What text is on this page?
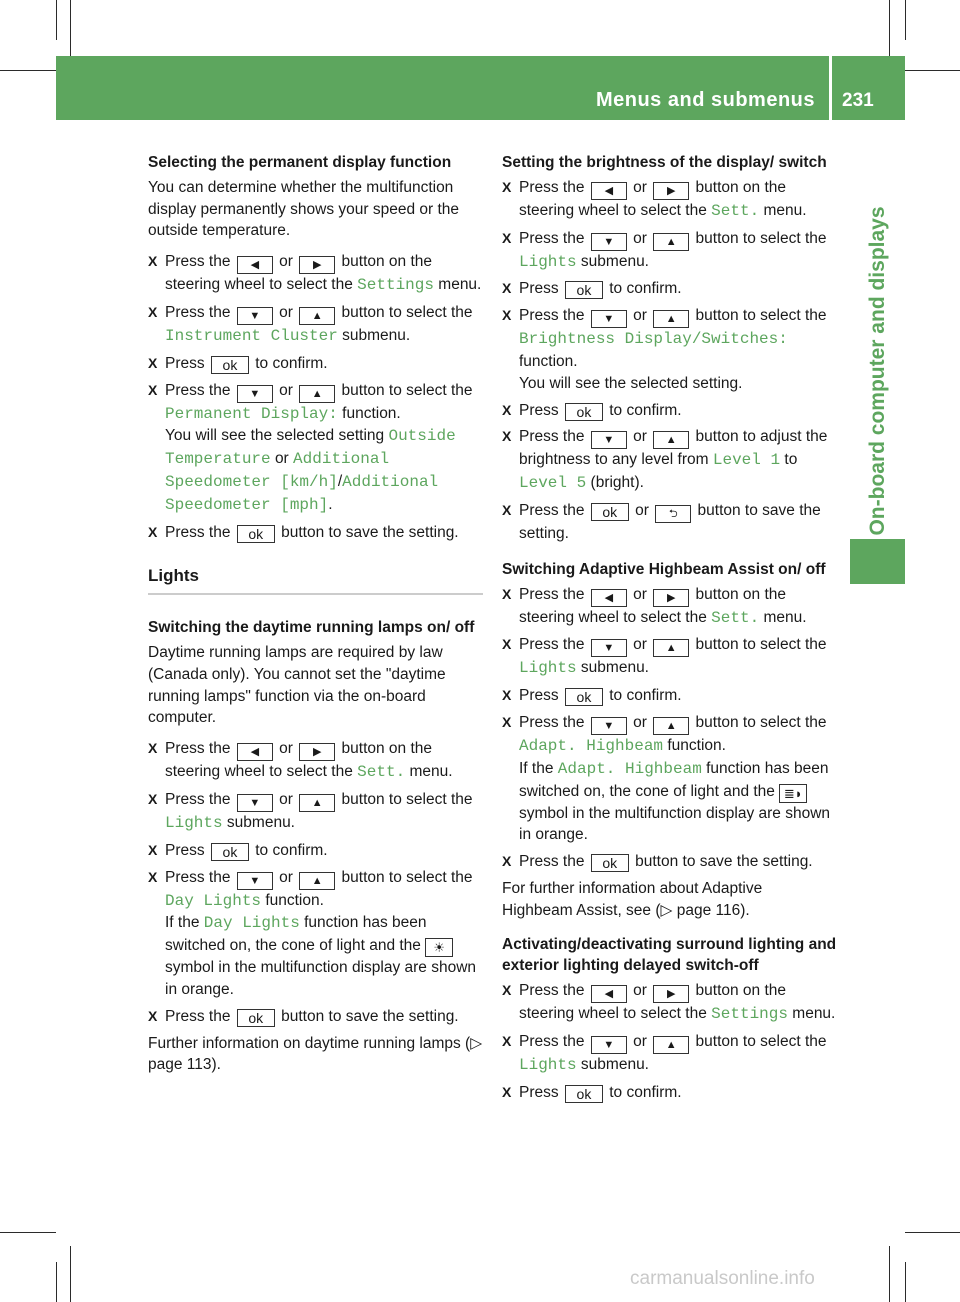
Menus and submenus 231
On-board computer and displays

Selecting the permanent display function

You can determine whether the multifunction display permanently shows your speed or the outside temperature.

X Press the ◀ or ▶ button on the steering wheel to select the Settings menu.
X Press the ▼ or ▲ button to select the Instrument Cluster submenu.
X Press ok to confirm.
X Press the ▼ or ▲ button to select the Permanent Display: function.
You will see the selected setting Outside Temperature or Additional Speedometer [km/h]/Additional Speedometer [mph].
X Press the ok button to save the setting.
Lights

Switching the daytime running lamps on/ off

Daytime running lamps are required by law (Canada only). You cannot set the "daytime running lamps" function via the on-board computer.

X Press the ◀ or ▶ button on the steering wheel to select the Sett. menu.
X Press the ▼ or ▲ button to select the Lights submenu.
X Press ok to confirm.
X Press the ▼ or ▲ button to select the Day Lights function.
If the Day Lights function has been switched on, the cone of light and the ☀ symbol in the multifunction display are shown in orange.
X Press the ok button to save the setting.

Further information on daytime running lamps (▷ page 113).

Setting the brightness of the display/ switch

X Press the ◀ or ▶ button on the steering wheel to select the Sett. menu.
X Press the ▼ or ▲ button to select the Lights submenu.
X Press ok to confirm.
X Press the ▼ or ▲ button to select the Brightness Display/Switches: function.
You will see the selected setting.
X Press ok to confirm.
X Press the ▼ or ▲ button to adjust the brightness to any level from Level 1 to Level 5 (bright).
X Press the ok or ⮌ button to save the setting.

Switching Adaptive Highbeam Assist on/ off

X Press the ◀ or ▶ button on the steering wheel to select the Sett. menu.
X Press the ▼ or ▲ button to select the Lights submenu.
X Press ok to confirm.
X Press the ▼ or ▲ button to select the Adapt. Highbeam function.
If the Adapt. Highbeam function has been switched on, the cone of light and the ≣◗ symbol in the multifunction display are shown in orange.
X Press the ok button to save the setting.

For further information about Adaptive Highbeam Assist, see (▷ page 116).

Activating/deactivating surround lighting and exterior lighting delayed switch-off

X Press the ◀ or ▶ button on the steering wheel to select the Settings menu.
X Press the ▼ or ▲ button to select the Lights submenu.
X Press ok to confirm.
carmanualsonline.info
